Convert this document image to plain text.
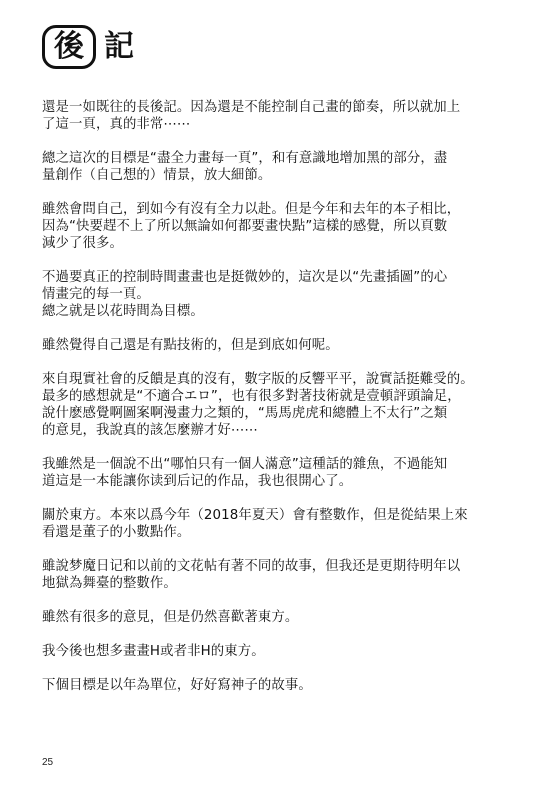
後 記

還是一如既往的長後記。因為還是不能控制自己畫的節奏，所以就加上
了這一頁，真的非常⋯⋯

總之這次的目標是“盡全力畫每一頁”，和有意識地增加黑的部分，盡
量創作（自己想的）情景，放大細節。

雖然會問自己，到如今有沒有全力以赴。但是今年和去年的本子相比，
因為“快要趕不上了所以無論如何都要畫快點”這樣的感覺，所以頁數
減少了很多。

不過要真正的控制時間畫畫也是挺微妙的，這次是以“先畫插圖”的心
情畫完的每一頁。
總之就是以花時間為目標。

雖然覺得自己還是有點技術的，但是到底如何呢。

來自現實社會的反饋是真的沒有，數字版的反響平平，說實話挺難受的。
最多的感想就是“不適合エロ”，也有很多對著技術就是壹頓評頭論足，
說什麽感覺啊圖案啊漫畫力之類的，“馬馬虎虎和總體上不太行”之類
的意見，我說真的該怎麼辦才好⋯⋯

我雖然是一個說不出“哪怕只有一個人滿意”這種話的雜魚，不過能知
道這是一本能讓你读到后记的作品，我也很開心了。

關於東方。本來以爲今年（2018年夏天）會有整數作，但是從結果上來
看還是董子的小數點作。

雖說梦魔日记和以前的文花帖有著不同的故事，但我还是更期待明年以
地獄為舞臺的整數作。

雖然有很多的意見，但是仍然喜歡著東方。

我今後也想多畫畫H或者非H的東方。

下個目標是以年為單位，好好寫神子的故事。

25
